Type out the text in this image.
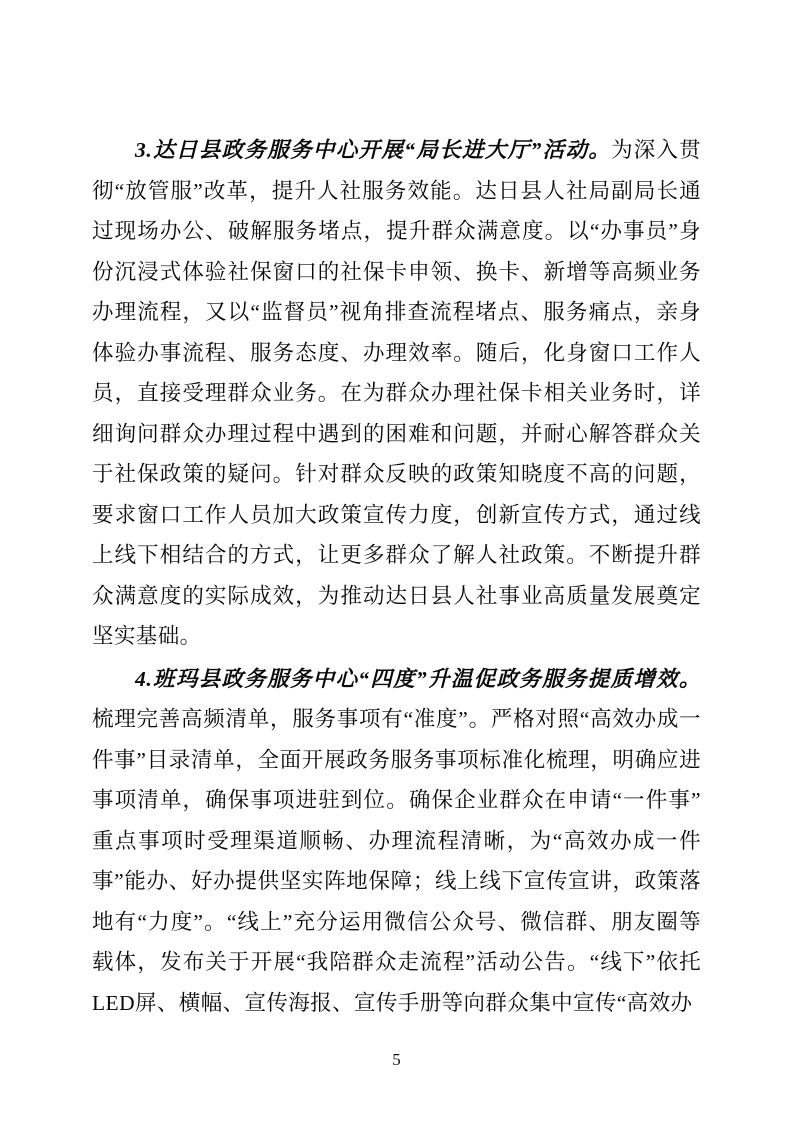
3.达日县政务服务中心开展“局长进大厅”活动。为深入贯彻“放管服”改革，提升人社服务效能。达日县人社局副局长通过现场办公、破解服务堵点，提升群众满意度。以“办事员”身份沉浸式体验社保窗口的社保卡申领、换卡、新增等高频业务办理流程，又以“监督员”视角排查流程堵点、服务痛点，亲身体验办事流程、服务态度、办理效率。随后，化身窗口工作人员，直接受理群众业务。在为群众办理社保卡相关业务时，详细询问群众办理过程中遇到的困难和问题，并耐心解答群众关于社保政策的疑问。针对群众反映的政策知晓度不高的问题，要求窗口工作人员加大政策宣传力度，创新宣传方式，通过线上线下相结合的方式，让更多群众了解人社政策。不断提升群众满意度的实际成效，为推动达日县人社事业高质量发展奠定坚实基础。

4.班玛县政务服务中心“四度”升温促政务服务提质增效。梳理完善高频清单，服务事项有“准度”。严格对照“高效办成一件事”目录清单，全面开展政务服务事项标准化梳理，明确应进事项清单，确保事项进驻到位。确保企业群众在申请“一件事”重点事项时受理渠道顺畅、办理流程清晰，为“高效办成一件事”能办、好办提供坚实阵地保障；线上线下宣传宣讲，政策落地有“力度”。“线上”充分运用微信公众号、微信群、朋友圈等载体，发布关于开展“我陪群众走流程”活动公告。“线下”依托LED屏、横幅、宣传海报、宣传手册等向群众集中宣传“高效办

5
